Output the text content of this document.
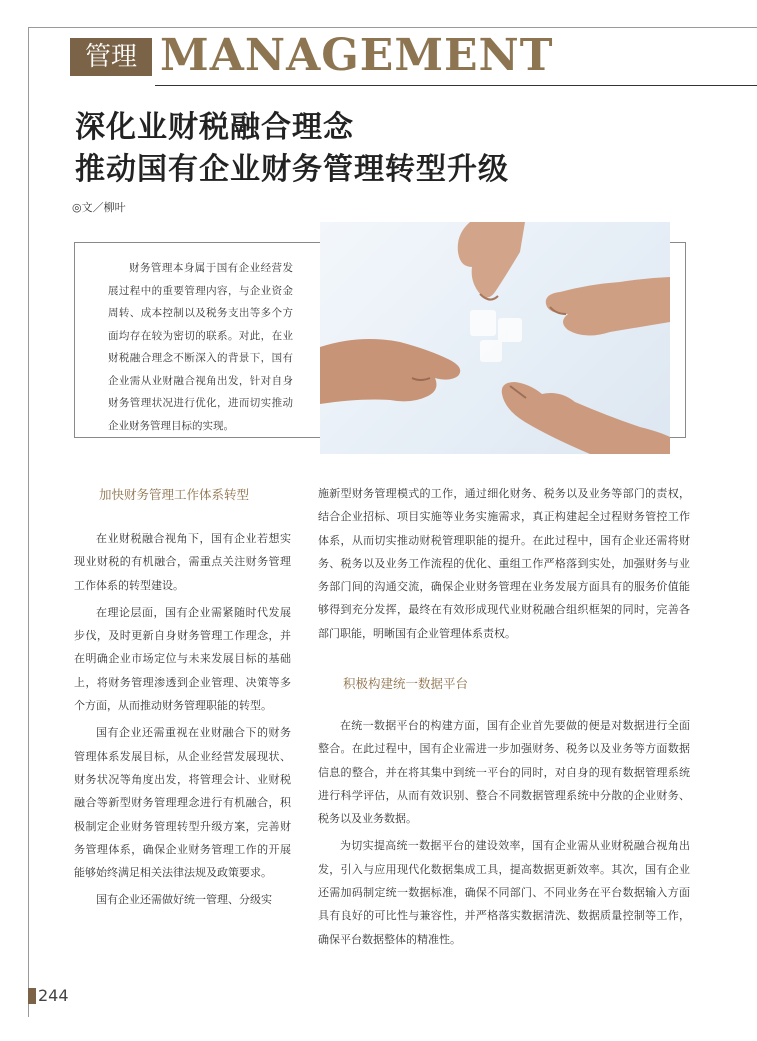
管理 MANAGEMENT
深化业财税融合理念
推动国有企业财务管理转型升级
◎文／柳叶
财务管理本身属于国有企业经营发展过程中的重要管理内容，与企业资金周转、成本控制以及税务支出等多个方面均存在较为密切的联系。对此，在业财税融合理念不断深入的背景下，国有企业需从业财融合视角出发，针对自身财务管理状况进行优化，进而切实推动企业财务管理目标的实现。
加快财务管理工作体系转型

在业财税融合视角下，国有企业若想实现业财税的有机融合，需重点关注财务管理工作体系的转型建设。

在理论层面，国有企业需紧随时代发展步伐，及时更新自身财务管理工作理念，并在明确企业市场定位与未来发展目标的基础上，将财务管理渗透到企业管理、决策等多个方面，从而推动财务管理职能的转型。

国有企业还需重视在业财融合下的财务管理体系发展目标，从企业经营发展现状、财务状况等角度出发，将管理会计、业财税融合等新型财务管理理念进行有机融合，积极制定企业财务管理转型升级方案，完善财务管理体系，确保企业财务管理工作的开展能够始终满足相关法律法规及政策要求。

国有企业还需做好统一管理、分级实

施新型财务管理模式的工作，通过细化财务、税务以及业务等部门的责权，结合企业招标、项目实施等业务实施需求，真正构建起全过程财务管控工作体系，从而切实推动财税管理职能的提升。在此过程中，国有企业还需将财务、税务以及业务工作流程的优化、重组工作严格落到实处，加强财务与业务部门间的沟通交流，确保企业财务管理在业务发展方面具有的服务价值能够得到充分发挥，最终在有效形成现代业财税融合组织框架的同时，完善各部门职能，明晰国有企业管理体系责权。

积极构建统一数据平台

在统一数据平台的构建方面，国有企业首先要做的便是对数据进行全面整合。在此过程中，国有企业需进一步加强财务、税务以及业务等方面数据信息的整合，并在将其集中到统一平台的同时，对自身的现有数据管理系统进行科学评估，从而有效识别、整合不同数据管理系统中分散的企业财务、税务以及业务数据。

为切实提高统一数据平台的建设效率，国有企业需从业财税融合视角出发，引入与应用现代化数据集成工具，提高数据更新效率。其次，国有企业还需加码制定统一数据标准，确保不同部门、不同业务在平台数据输入方面具有良好的可比性与兼容性，并严格落实数据清洗、数据质量控制等工作，确保平台数据整体的精准性。

244
